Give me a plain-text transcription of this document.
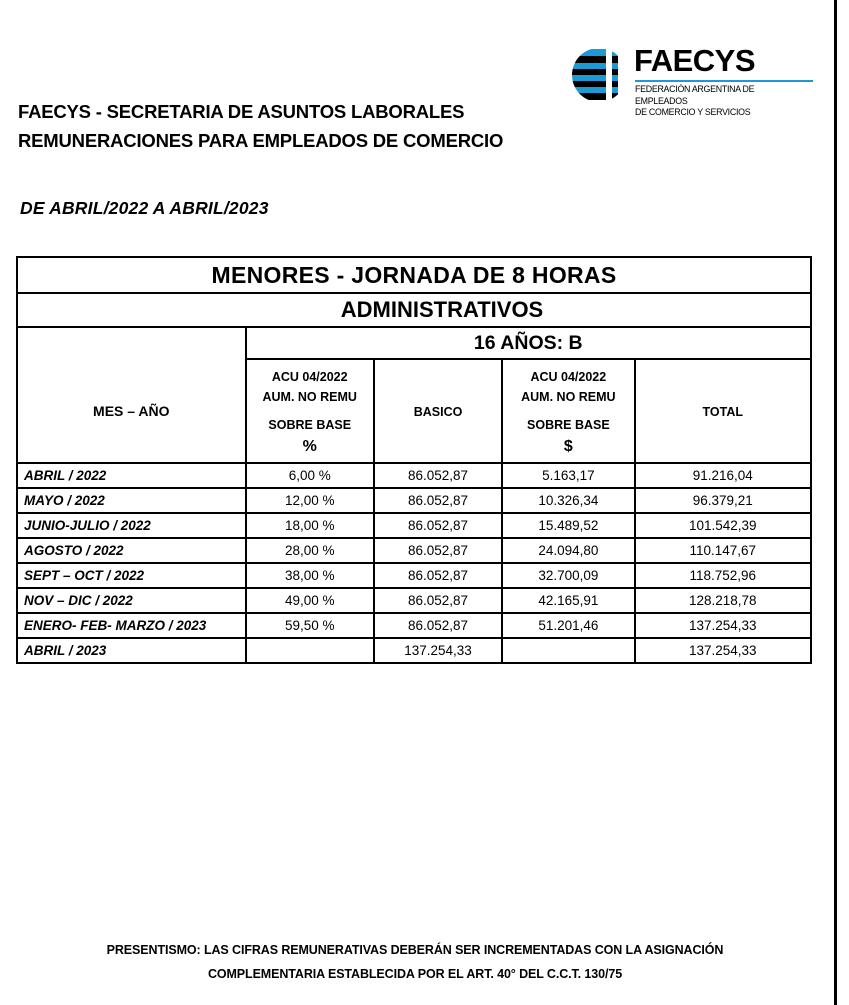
FAECYS
FEDERACIÓN ARGENTINA DE EMPLEADOS
DE COMERCIO Y SERVICIOS
FAECYS - SECRETARIA DE ASUNTOS LABORALES
REMUNERACIONES PARA EMPLEADOS DE COMERCIO
DE ABRIL/2022 A ABRIL/2023
MENORES - JORNADA DE 8 HORAS				
ADMINISTRATIVOS				
	16 AÑOS: B			
MES – AÑO	ACU 04/2022
AUM. NO REMU
SOBRE BASE
%	BASICO	ACU 04/2022
AUM. NO REMU
SOBRE BASE
$	TOTAL

ABRIL / 2022	6,00 %	86.052,87	5.163,17	91.216,04
MAYO / 2022	12,00 %	86.052,87	10.326,34	96.379,21
JUNIO-JULIO / 2022	18,00 %	86.052,87	15.489,52	101.542,39
AGOSTO / 2022	28,00 %	86.052,87	24.094,80	110.147,67
SEPT – OCT / 2022	38,00 %	86.052,87	32.700,09	118.752,96
NOV – DIC / 2022	49,00 %	86.052,87	42.165,91	128.218,78
ENERO- FEB- MARZO / 2023	59,50 %	86.052,87	51.201,46	137.254,33
ABRIL / 2023		137.254,33		137.254,33
PRESENTISMO: LAS CIFRAS REMUNERATIVAS DEBERÁN SER INCREMENTADAS CON LA ASIGNACIÓN
COMPLEMENTARIA ESTABLECIDA POR EL ART. 40° DEL C.C.T. 130/75
